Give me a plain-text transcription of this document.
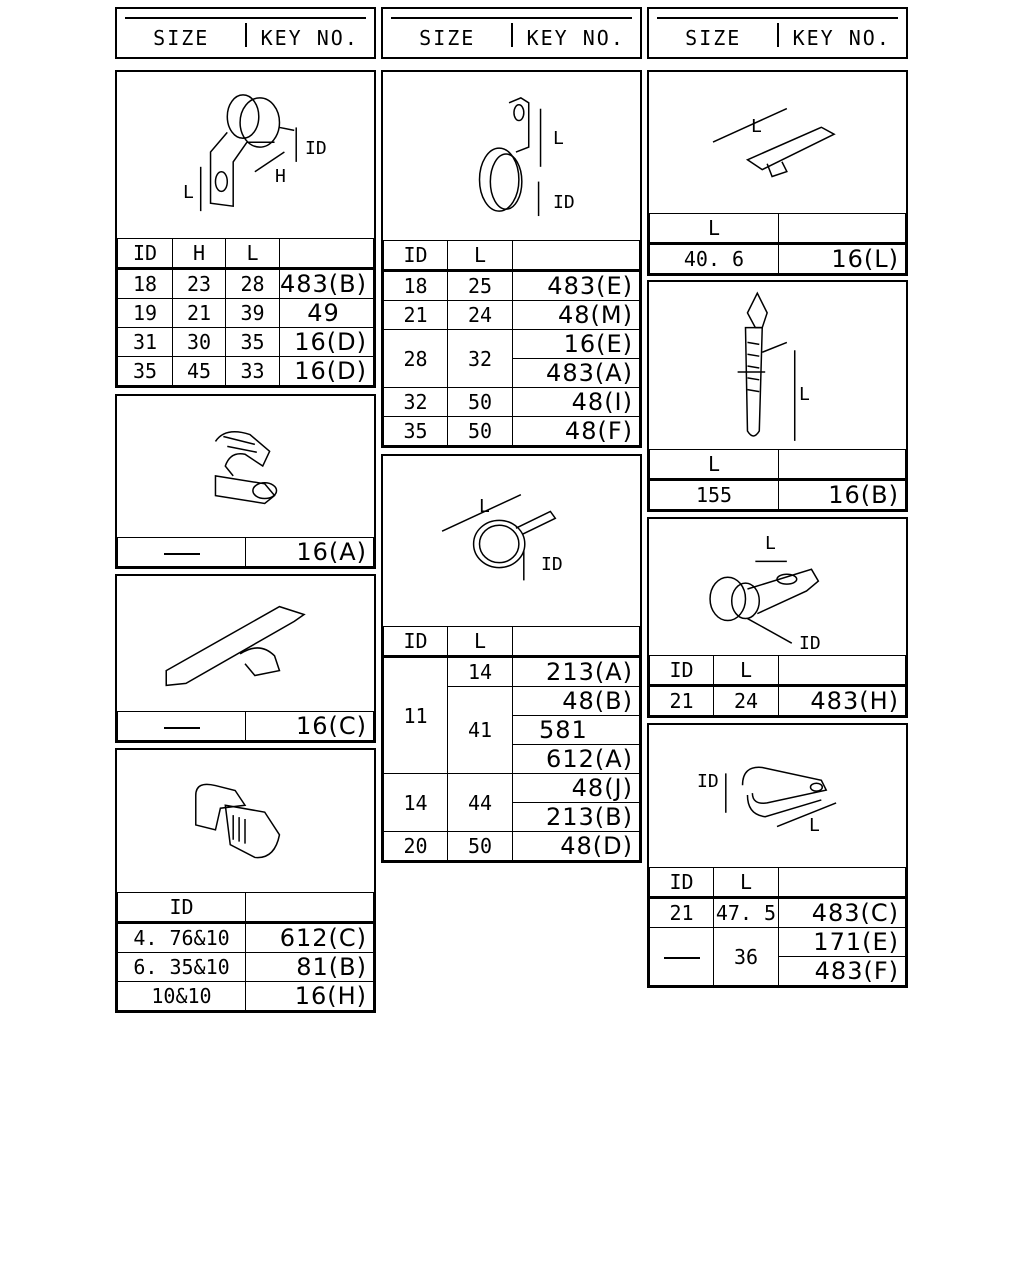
SIZE	KEY NO.	SIZE	KEY NO.	SIZE	KEY NO.
ID
H
L
ID	H	L	
18	23	28	483(B)
19	21	39	49
31	30	35	16(D)
35	45	33	16(D)
	16(A)
	16(C)
ID	
4. 76&10	612(C)
6. 35&10	81(B)
10&10	16(H)
L
ID
ID	L	
18	25	483(E)
21	24	48(M)
28	32	16(E)
		483(A)
32	50	48(I)
35	50	48(F)
L
ID
ID	L	
11	14	213(A)
	41	48(B)
		581
		612(A)
14	44	48(J)
		213(B)
20	50	48(D)
L
L	
40. 6	16(L)
L
L	
155	16(B)
L
ID
ID	L	
21	24	483(H)
ID
L
ID	L	
21	47. 5	483(C)
	36	171(E)
		483(F)
